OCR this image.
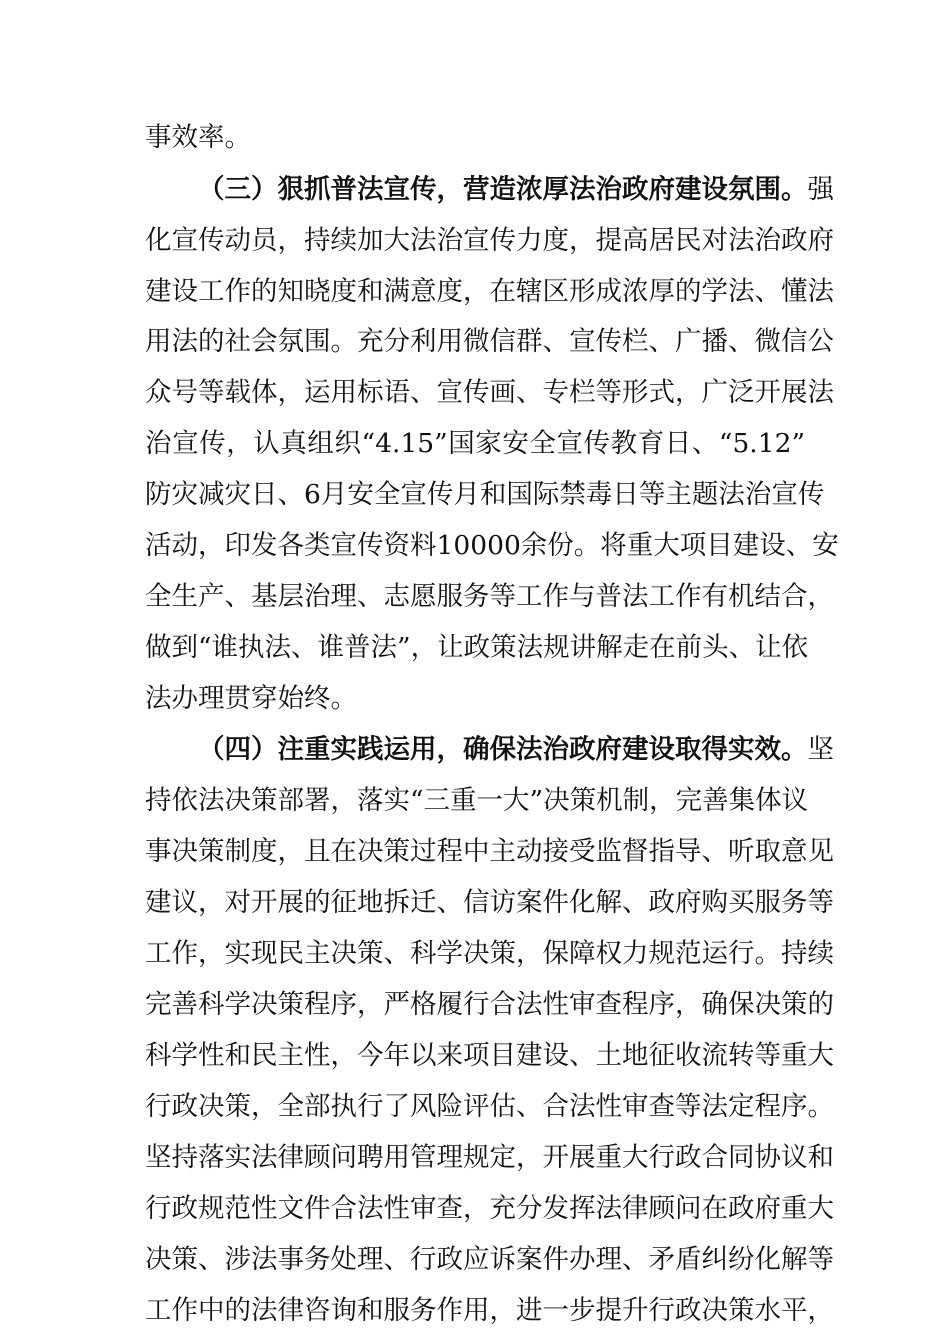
事效率。
（三）狠抓普法宣传，营造浓厚法治政府建设氛围。强
化宣传动员，持续加大法治宣传力度，提高居民对法治政府
建设工作的知晓度和满意度，在辖区形成浓厚的学法、懂法
用法的社会氛围。充分利用微信群、宣传栏、广播、微信公
众号等载体，运用标语、宣传画、专栏等形式，广泛开展法
治宣传，认真组织“4.15”国家安全宣传教育日、“5.12”
防灾减灾日、6月安全宣传月和国际禁毒日等主题法治宣传
活动，印发各类宣传资料10000余份。将重大项目建设、安
全生产、基层治理、志愿服务等工作与普法工作有机结合，
做到“谁执法、谁普法”，让政策法规讲解走在前头、让依
法办理贯穿始终。
（四）注重实践运用，确保法治政府建设取得实效。坚
持依法决策部署，落实“三重一大”决策机制，完善集体议
事决策制度，且在决策过程中主动接受监督指导、听取意见
建议，对开展的征地拆迁、信访案件化解、政府购买服务等
工作，实现民主决策、科学决策，保障权力规范运行。持续
完善科学决策程序，严格履行合法性审查程序，确保决策的
科学性和民主性，今年以来项目建设、土地征收流转等重大
行政决策，全部执行了风险评估、合法性审查等法定程序。
坚持落实法律顾问聘用管理规定，开展重大行政合同协议和
行政规范性文件合法性审查，充分发挥法律顾问在政府重大
决策、涉法事务处理、行政应诉案件办理、矛盾纠纷化解等
工作中的法律咨询和服务作用，进一步提升行政决策水平，
